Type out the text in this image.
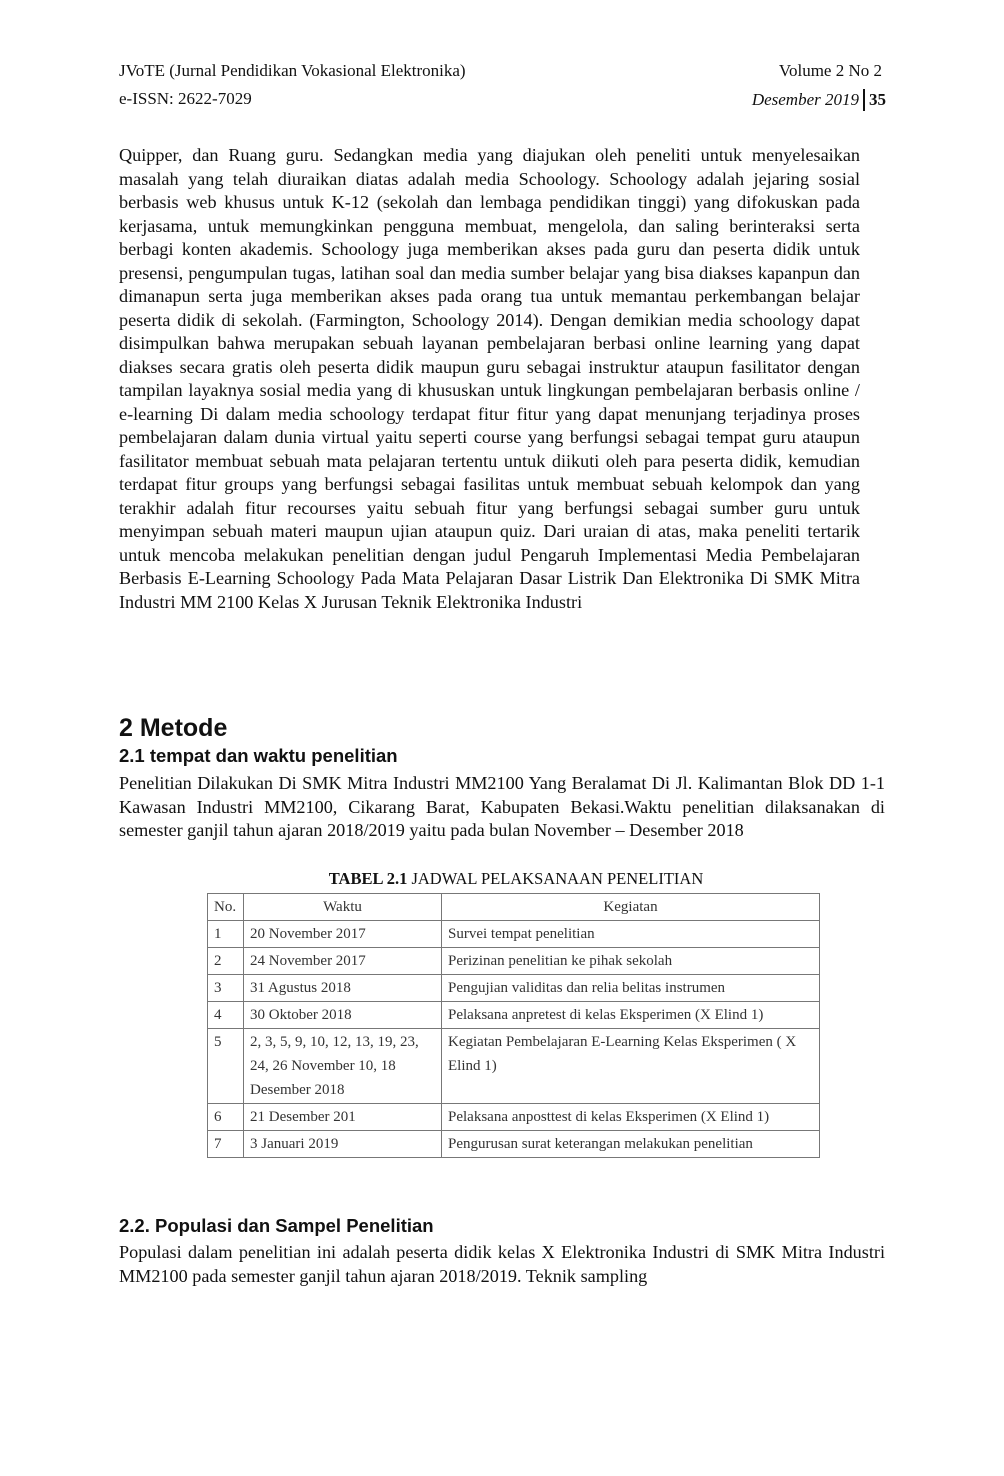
JVoTE (Jurnal Pendidikan Vokasional Elektronika)	Volume 2 No 2
e-ISSN: 2622-7029	Desember 2019 35

Quipper, dan Ruang guru. Sedangkan media yang diajukan oleh peneliti untuk menyelesaikan masalah yang telah diuraikan diatas adalah media Schoology. Schoology adalah jejaring sosial berbasis web khusus untuk K-12 (sekolah dan lembaga pendidikan tinggi) yang difokuskan pada kerjasama, untuk memungkinkan pengguna membuat, mengelola, dan saling berinteraksi serta berbagi konten akademis. Schoology juga memberikan akses pada guru dan peserta didik untuk presensi, pengumpulan tugas, latihan soal dan media sumber belajar yang bisa diakses kapanpun dan dimanapun serta juga memberikan akses pada orang tua untuk memantau perkembangan belajar peserta didik di sekolah. (Farmington, Schoology 2014). Dengan demikian media schoology dapat disimpulkan bahwa merupakan sebuah layanan pembelajaran berbasi online learning yang dapat diakses secara gratis oleh peserta didik maupun guru sebagai instruktur ataupun fasilitator dengan tampilan layaknya sosial media yang di khususkan untuk lingkungan pembelajaran berbasis online / e-learning Di dalam media schoology terdapat fitur fitur yang dapat menunjang terjadinya proses pembelajaran dalam dunia virtual yaitu seperti course yang berfungsi sebagai tempat guru ataupun fasilitator membuat sebuah mata pelajaran tertentu untuk diikuti oleh para peserta didik, kemudian terdapat fitur groups yang berfungsi sebagai fasilitas untuk membuat sebuah kelompok dan yang terakhir adalah fitur recourses yaitu sebuah fitur yang berfungsi sebagai sumber guru untuk menyimpan sebuah materi maupun ujian ataupun quiz. Dari uraian di atas, maka peneliti tertarik untuk mencoba melakukan penelitian dengan judul Pengaruh Implementasi Media Pembelajaran Berbasis E-Learning Schoology Pada Mata Pelajaran Dasar Listrik Dan Elektronika Di SMK Mitra Industri MM 2100 Kelas X Jurusan Teknik Elektronika Industri

2 Metode
2.1 tempat dan waktu penelitian

Penelitian Dilakukan Di SMK Mitra Industri MM2100 Yang Beralamat Di Jl. Kalimantan Blok DD 1-1 Kawasan Industri MM2100, Cikarang Barat, Kabupaten Bekasi.Waktu penelitian dilaksanakan di semester ganjil tahun ajaran 2018/2019 yaitu pada bulan November – Desember 2018

TABEL 2.1 JADWAL PELAKSANAAN PENELITIAN
No.	Waktu	Kegiatan
1	20 November 2017	Survei tempat penelitian
2	24 November 2017	Perizinan penelitian ke pihak sekolah
3	31 Agustus 2018	Pengujian validitas dan relia belitas instrumen
4	30 Oktober 2018	Pelaksana anpretest di kelas Eksperimen (X Elind 1)
5	2, 3, 5, 9, 10, 12, 13, 19, 23, 24, 26 November 10, 18 Desember 2018	Kegiatan Pembelajaran E-Learning Kelas Eksperimen ( X Elind 1)
6	21 Desember 201	Pelaksana anposttest di kelas Eksperimen (X Elind 1)
7	3 Januari 2019	Pengurusan surat keterangan melakukan penelitian
2.2. Populasi dan Sampel Penelitian

Populasi dalam penelitian ini adalah peserta didik kelas X Elektronika Industri di SMK Mitra Industri MM2100 pada semester ganjil tahun ajaran 2018/2019. Teknik sampling
